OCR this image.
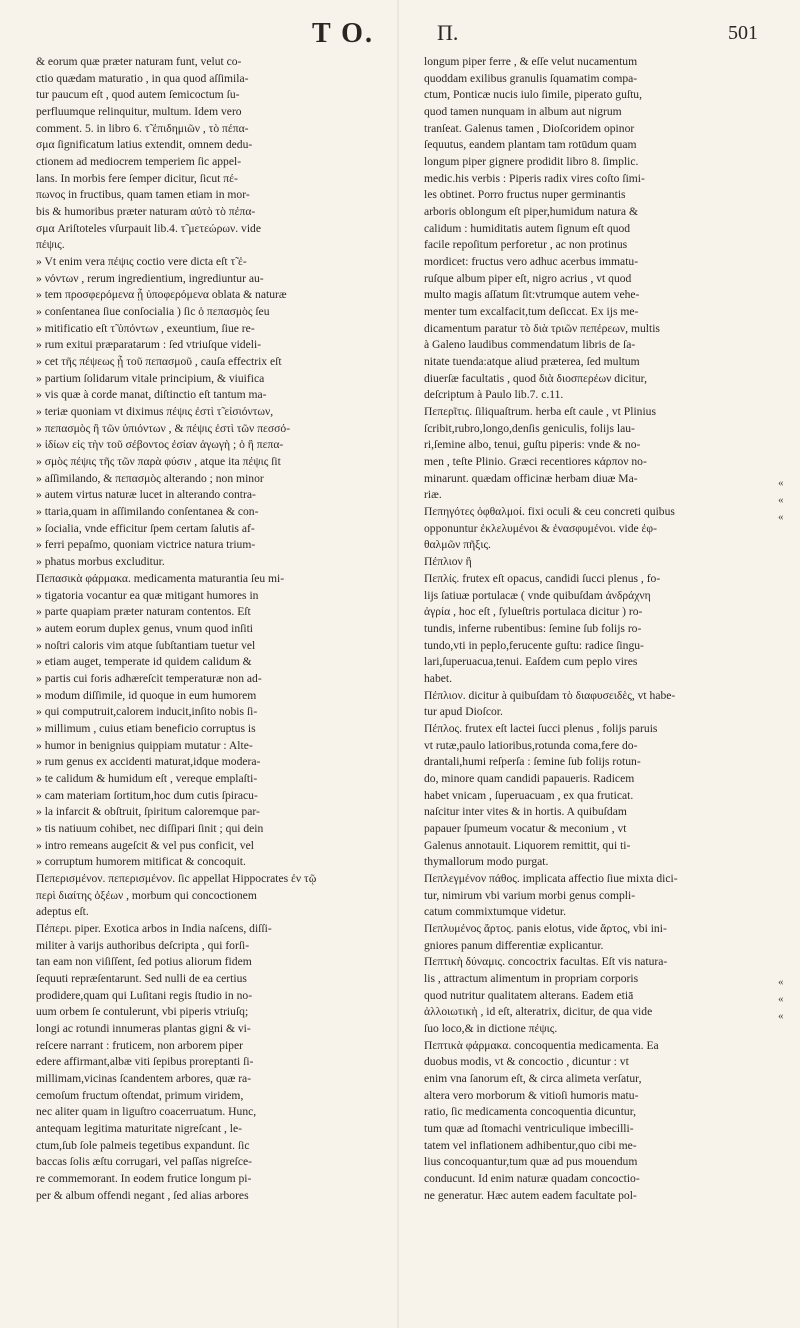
T O.	Π.	501
& eorum quæ præter naturam funt, velut co-
ctio quædam maturatio , in qua quod aſſimila-
tur paucum eſt , quod autem ſemicoctum ſu-
perfluumque relinquitur, multum. Idem vero
comment. 5. in libro 6. τ̃ ἐπιδημιῶν , τὸ πέπα-
σμα ſignificatum latius extendit, omnem dedu-
ctionem ad mediocrem temperiem ſic appel-
lans. In morbis fere ſemper dicitur, ſicut πέ-
πωνος in fructibus, quam tamen etiam in mor-
bis & humoribus præter naturam αὐτὸ τὸ πέπα-
σμα Ariſtoteles vſurpauit lib.4. τ̃ μετεώρων. vide
πέψις.
» Vt enim vera πέψις coctio vere dicta eſt τ̃ ἐ-
» νόντων , rerum ingredientium, ingrediuntur au-
» tem προσφερόμενα ᾗ ὑποφερόμενα oblata & naturæ
» conſentanea ſiue conſocialia ) ſic ὁ πεπασμὸς ſeu
» mitificatio eſt τ̃ ὑπόντων , exeuntium, ſiue re-
» rum exitui præparatarum : ſed vtriuſque videli-
» cet τῆς πέψεως ᾗ τοῦ πεπασμοῦ , cauſa effectrix eſt
» partium ſolidarum vitale principium, & viuifica
» vis quæ à corde manat, diſtinctio eſt tantum ma-
» teriæ quoniam vt diximus πέψις ἐστὶ τ̃ εἰσιόντων,
» πεπασμὸς ἢ τῶν ὑπιόντων , & πέψις ἐστὶ τῶν πεσσό-
» ἰδίων εἰς τὴν τοῦ σέβοντος ἐσίαν ἀγωγὴ ; ὁ ἢ πεπα-
» σμὸς πέψις τῆς τῶν παρὰ φύσιν , atque ita πέψις ſit
» aſſimilando, & πεπασμὸς alterando ; non minor
» autem virtus naturæ lucet in alterando contra-
» ttaria,quam in aſſimilando conſentanea & con-
» ſocialia, vnde efficitur ſpem certam ſalutis af-
» ferri pepaſmo, quoniam victrice natura trium-
» phatus morbus excluditur.
Πεπασικὰ φάρμακα. medicamenta maturantia ſeu mi-
» tigatoria vocantur ea quæ mitigant humores in
» parte quapiam præter naturam contentos. Eſt
» autem eorum duplex genus, vnum quod inſiti
» noſtri caloris vim atque ſubſtantiam tuetur vel
» etiam auget, temperate id quidem calidum &
» partis cui foris adhæreſcit temperaturæ non ad-
» modum diſſimile, id quoque in eum humorem
» qui computruit,calorem inducit,inſito nobis ſi-
» millimum , cuius etiam beneficio corruptus is
» humor in benignius quippiam mutatur : Alte-
» rum genus ex accidenti maturat,idque modera-
» te calidum & humidum eſt , vereque emplaſti-
» cam materiam ſortitum,hoc dum cutis ſpiracu-
» la infarcit & obſtruit, ſpiritum caloremque par-
» tis natiuum cohibet, nec diſſipari ſinit ; qui dein
» intro remeans augeſcit & vel pus conficit, vel
» corruptum humorem mitificat & concoquit.
Πεπερισμένον. πεπερισμένον. ſic appellat Hippocrates ἐν τῷ
περὶ διαίτης ὀξέων , morbum qui concoctionem
adeptus eſt.
Πέπερι. piper. Exotica arbos in India naſcens, diſſi-
militer à varijs authoribus deſcripta , qui forſi-
tan eam non viſiſſent, ſed potius aliorum fidem
ſequuti repræſentarunt. Sed nulli de ea certius
prodidere,quam qui Luſitani regis ſtudio in no-
uum orbem ſe contulerunt, vbi piperis vtriuſq;
longi ac rotundi innumeras plantas gigni & vi-
reſcere narrant : fruticem, non arborem piper
edere affirmant,albæ viti ſepibus proreptanti ſi-
millimam,vicinas ſcandentem arbores, quæ ra-
cemoſum fructum oſtendat, primum viridem,
nec aliter quam in liguſtro coacerruatum. Hunc,
antequam legitima maturitate nigreſcant , le-
ctum,ſub ſole palmeis tegetibus expandunt. ſic
baccas ſolis æſtu corrugari, vel paſſas nigreſce-
re commemorant. In eodem frutice longum pi-
per & album offendi negant , ſed alias arbores
longum piper ferre , & eſſe velut nucamentum
quoddam exilibus granulis ſquamatim compa-
ctum, Ponticæ nucis iulo ſimile, piperato guſtu,
quod tamen nunquam in album aut nigrum
tranſeat. Galenus tamen , Dioſcoridem opinor
ſequutus, eandem plantam tam rotūdum quam
longum piper gignere prodidit libro 8. ſimplic.
medic.his verbis : Piperis radix vires coſto ſimi-
les obtinet. Porro fructus nuper germinantis
arboris oblongum eſt piper,humidum natura &
calidum : humiditatis autem ſignum eſt quod
facile repoſitum perforetur , ac non protinus
mordicet: fructus vero adhuc acerbus immatu-
ruſque album piper eſt, nigro acrius , vt quod
multo magis aſſatum ſit:vtrumque autem vehe-
menter tum excalfacit,tum deſiccat. Ex ijs me-
dicamentum paratur τὸ διὰ τριῶν πεπέρεων, multis
à Galeno laudibus commendatum libris de ſa-
nitate tuenda:atque aliud præterea, ſed multum
diuerſæ facultatis , quod διὰ διοσπερέων dicitur,
deſcriptum à Paulo lib.7. c.11.
Πεπερῖτις. ſiliquaſtrum. herba eſt caule , vt Plinius
ſcribit,rubro,longo,denſis geniculis, folijs lau-
ri,ſemine albo, tenui, guſtu piperis: vnde & no-
men , teſte Plinio. Græci recentiores κάρπον no-
minarunt. quædam officinæ herbam diuæ Ma-
riæ.
Πεπηγότες ὀφθαλμοί. fixi oculi & ceu concreti quibus
opponuntur ἐκλελυμένοι & ἐνασφυμένοι. vide ἐφ-
θαλμῶν πῆξις.
Πέπλιον ἢ
Πεπλίς. frutex eſt opacus, candidi ſucci plenus , fo-
lijs ſatiuæ portulacæ ( vnde quibuſdam ἀνδράχνη
ἀγρία , hoc eſt , ſylueſtris portulaca dicitur ) ro-
tundis, inferne rubentibus: ſemine ſub folijs ro-
tundo,vti in peplo,ferucente guſtu: radice ſingu-
lari,ſuperuacua,tenui. Eaſdem cum peplo vires
habet.
Πέπλιον. dicitur à quibuſdam τὸ διαφυσειδὲς, vt habe-
tur apud Dioſcor.
Πέπλος. frutex eſt lactei ſucci plenus , folijs paruis
vt rutæ,paulo latioribus,rotunda coma,fere do-
drantali,humi reſperſa : ſemine ſub folijs rotun-
do, minore quam candidi papaueris. Radicem
habet vnicam , ſuperuacuam , ex qua fruticat.
naſcitur inter vites & in hortis. A quibuſdam
papauer ſpumeum vocatur & meconium , vt
Galenus annotauit. Liquorem remittit, qui ti-
thymallorum modo purgat.
Πεπλεγμένον πάθος. implicata affectio ſiue mixta dici-
tur, nimirum vbi varium morbi genus compli-
catum commixtumque videtur.
Πεπλυμένος ἄρτος. panis elotus, vide ἄρτος, vbi ini-
gniores panum differentiæ explicantur.
Πεπτικὴ δύναμις. concoctrix facultas. Eſt vis natura-
lis , attractum alimentum in propriam corporis
quod nutritur qualitatem alterans. Eadem etiā
ἀλλοιωτικὴ , id eſt, alteratrix, dicitur, de qua vide
ſuo loco,& in dictione πέψις.
Πεπτικὰ φάρμακα. concoquentia medicamenta. Ea
duobus modis, vt & concoctio , dicuntur : vt
enim vna ſanorum eſt, & circa alimeta verſatur,
altera vero morborum & vitioſi humoris matu-
ratio, ſic medicamenta concoquentia dicuntur,
tum quæ ad ſtomachi ventriculique imbecilli-
tatem vel inflationem adhibentur,quo cibi me-
lius concoquantur,tum quæ ad pus mouendum
conducunt. Id enim naturæ quadam concoctio-
ne generatur. Hæc autem eadem facultate pol-
«
«
«
«
«
«
